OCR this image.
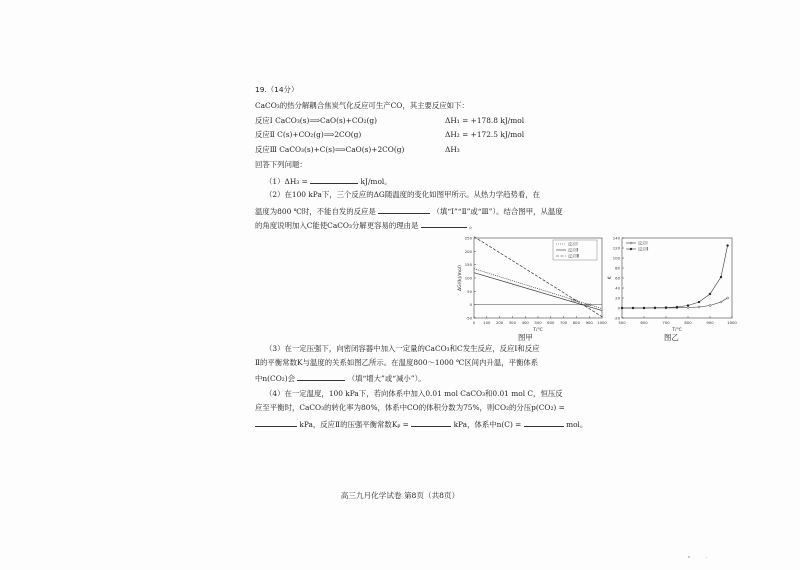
19.（14分）
CaCO₃的热分解耦合焦炭气化反应可生产CO，其主要反应如下：
反应Ⅰ CaCO₃(s)⟹CaO(s)+CO₂(g)	ΔH₁ = +178.8 kJ/mol
反应Ⅱ C(s)+CO₂(g)⟹2CO(g)	ΔH₂ = +172.5 kJ/mol
反应Ⅲ CaCO₃(s)+C(s)⟹CaO(s)+2CO(g)	ΔH₃
回答下列问题：
（1）ΔH₃ =	kJ/mol。
（2）在100 kPa下，三个反应的ΔG随温度的变化如图甲所示。从热力学趋势看，在
温度为800 ℃时，不能自发的反应是	（填“Ⅰ”“Ⅱ”或“Ⅲ”）。结合图甲，从温度
的角度说明加入C能使CaCO₃分解更容易的理由是	。
0 100 200 300 400 500 600 700 800 900 1000
-50
0
50
100
150
200
250
T/℃
ΔG/(kJ/mol)
反应Ⅰ
反应Ⅱ
反应Ⅲ
700
900
图甲
500	600	700	800	900	1000
-20
0
20
40
60
80
100
120
140
T/℃
K
反应Ⅰ
反应Ⅱ
图乙
（3）在一定压强下，向密闭容器中加入一定量的CaCO₃和C发生反应，反应Ⅰ和反应
Ⅱ的平衡常数K与温度的关系如图乙所示。在温度800～1000 ℃区间内升温，平衡体系
中n(CO₂)会	（填“增大”或“减小”）。
（4）在一定温度，100 kPa下，若向体系中加入0.01 mol CaCO₃和0.01 mol C，恒压反
应至平衡时，CaCO₃的转化率为80%，体系中CO的体积分数为75%，则CO₂的分压p(CO₂) =
kPa，反应Ⅱ的压强平衡常数Kₚ =	kPa，体系中n(C) =	mol。
高三九月化学试卷 第8页（共8页）
